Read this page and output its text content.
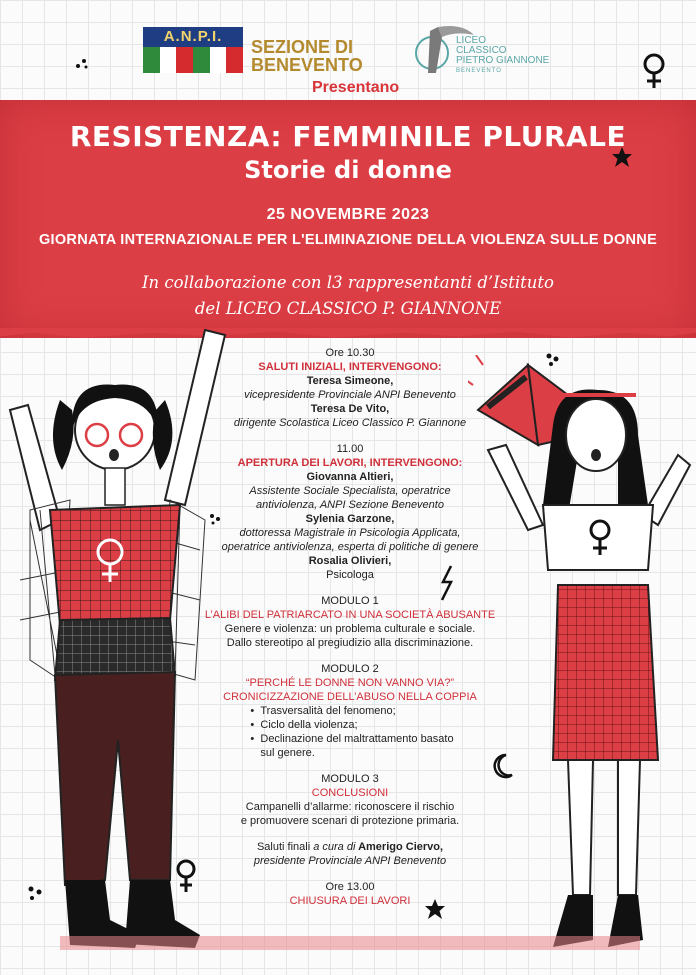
A.N.P.I.
SEZIONE DI
BENEVENTO
Presentano
LICEO
CLASSICO
PIETRO GIANNONE
BENEVENTO
RESISTENZA: FEMMINILE PLURALE
Storie di donne
25 NOVEMBRE 2023
GIORNATA INTERNAZIONALE PER L'ELIMINAZIONE DELLA VIOLENZA SULLE DONNE
In collaborazione con l3 rappresentanti d’Istituto
del LICEO CLASSICO P. GIANNONE
Ore 10.30
SALUTI INIZIALI, INTERVENGONO:
Teresa Simeone,
vicepresidente Provinciale ANPI Benevento
Teresa De Vito,
dirigente Scolastica Liceo Classico P. Giannone
11.00
APERTURA DEI LAVORI, INTERVENGONO:
Giovanna Altieri,
Assistente Sociale Specialista, operatrice
antiviolenza, ANPI Sezione Benevento
Sylenia Garzone,
dottoressa Magistrale in Psicologia Applicata,
operatrice antiviolenza, esperta di politiche di genere
Rosalia Olivieri,
Psicologa
MODULO 1
L’ALIBI DEL PATRIARCATO IN UNA SOCIETÀ ABUSANTE
Genere e violenza: un problema culturale e sociale.
Dallo stereotipo al pregiudizio alla discriminazione.
MODULO 2
“PERCHÉ LE DONNE NON VANNO VIA?”
CRONICIZZAZIONE DELL’ABUSO NELLA COPPIA
• Trasversalità del fenomeno;
• Ciclo della violenza;
• Declinazione del maltrattamento basato
sul genere.
MODULO 3
CONCLUSIONI
Campanelli d’allarme: riconoscere il rischio
e promuovere scenari di protezione primaria.
Saluti finali a cura di Amerigo Ciervo,
presidente Provinciale ANPI Benevento
Ore 13.00
CHIUSURA DEI LAVORI
